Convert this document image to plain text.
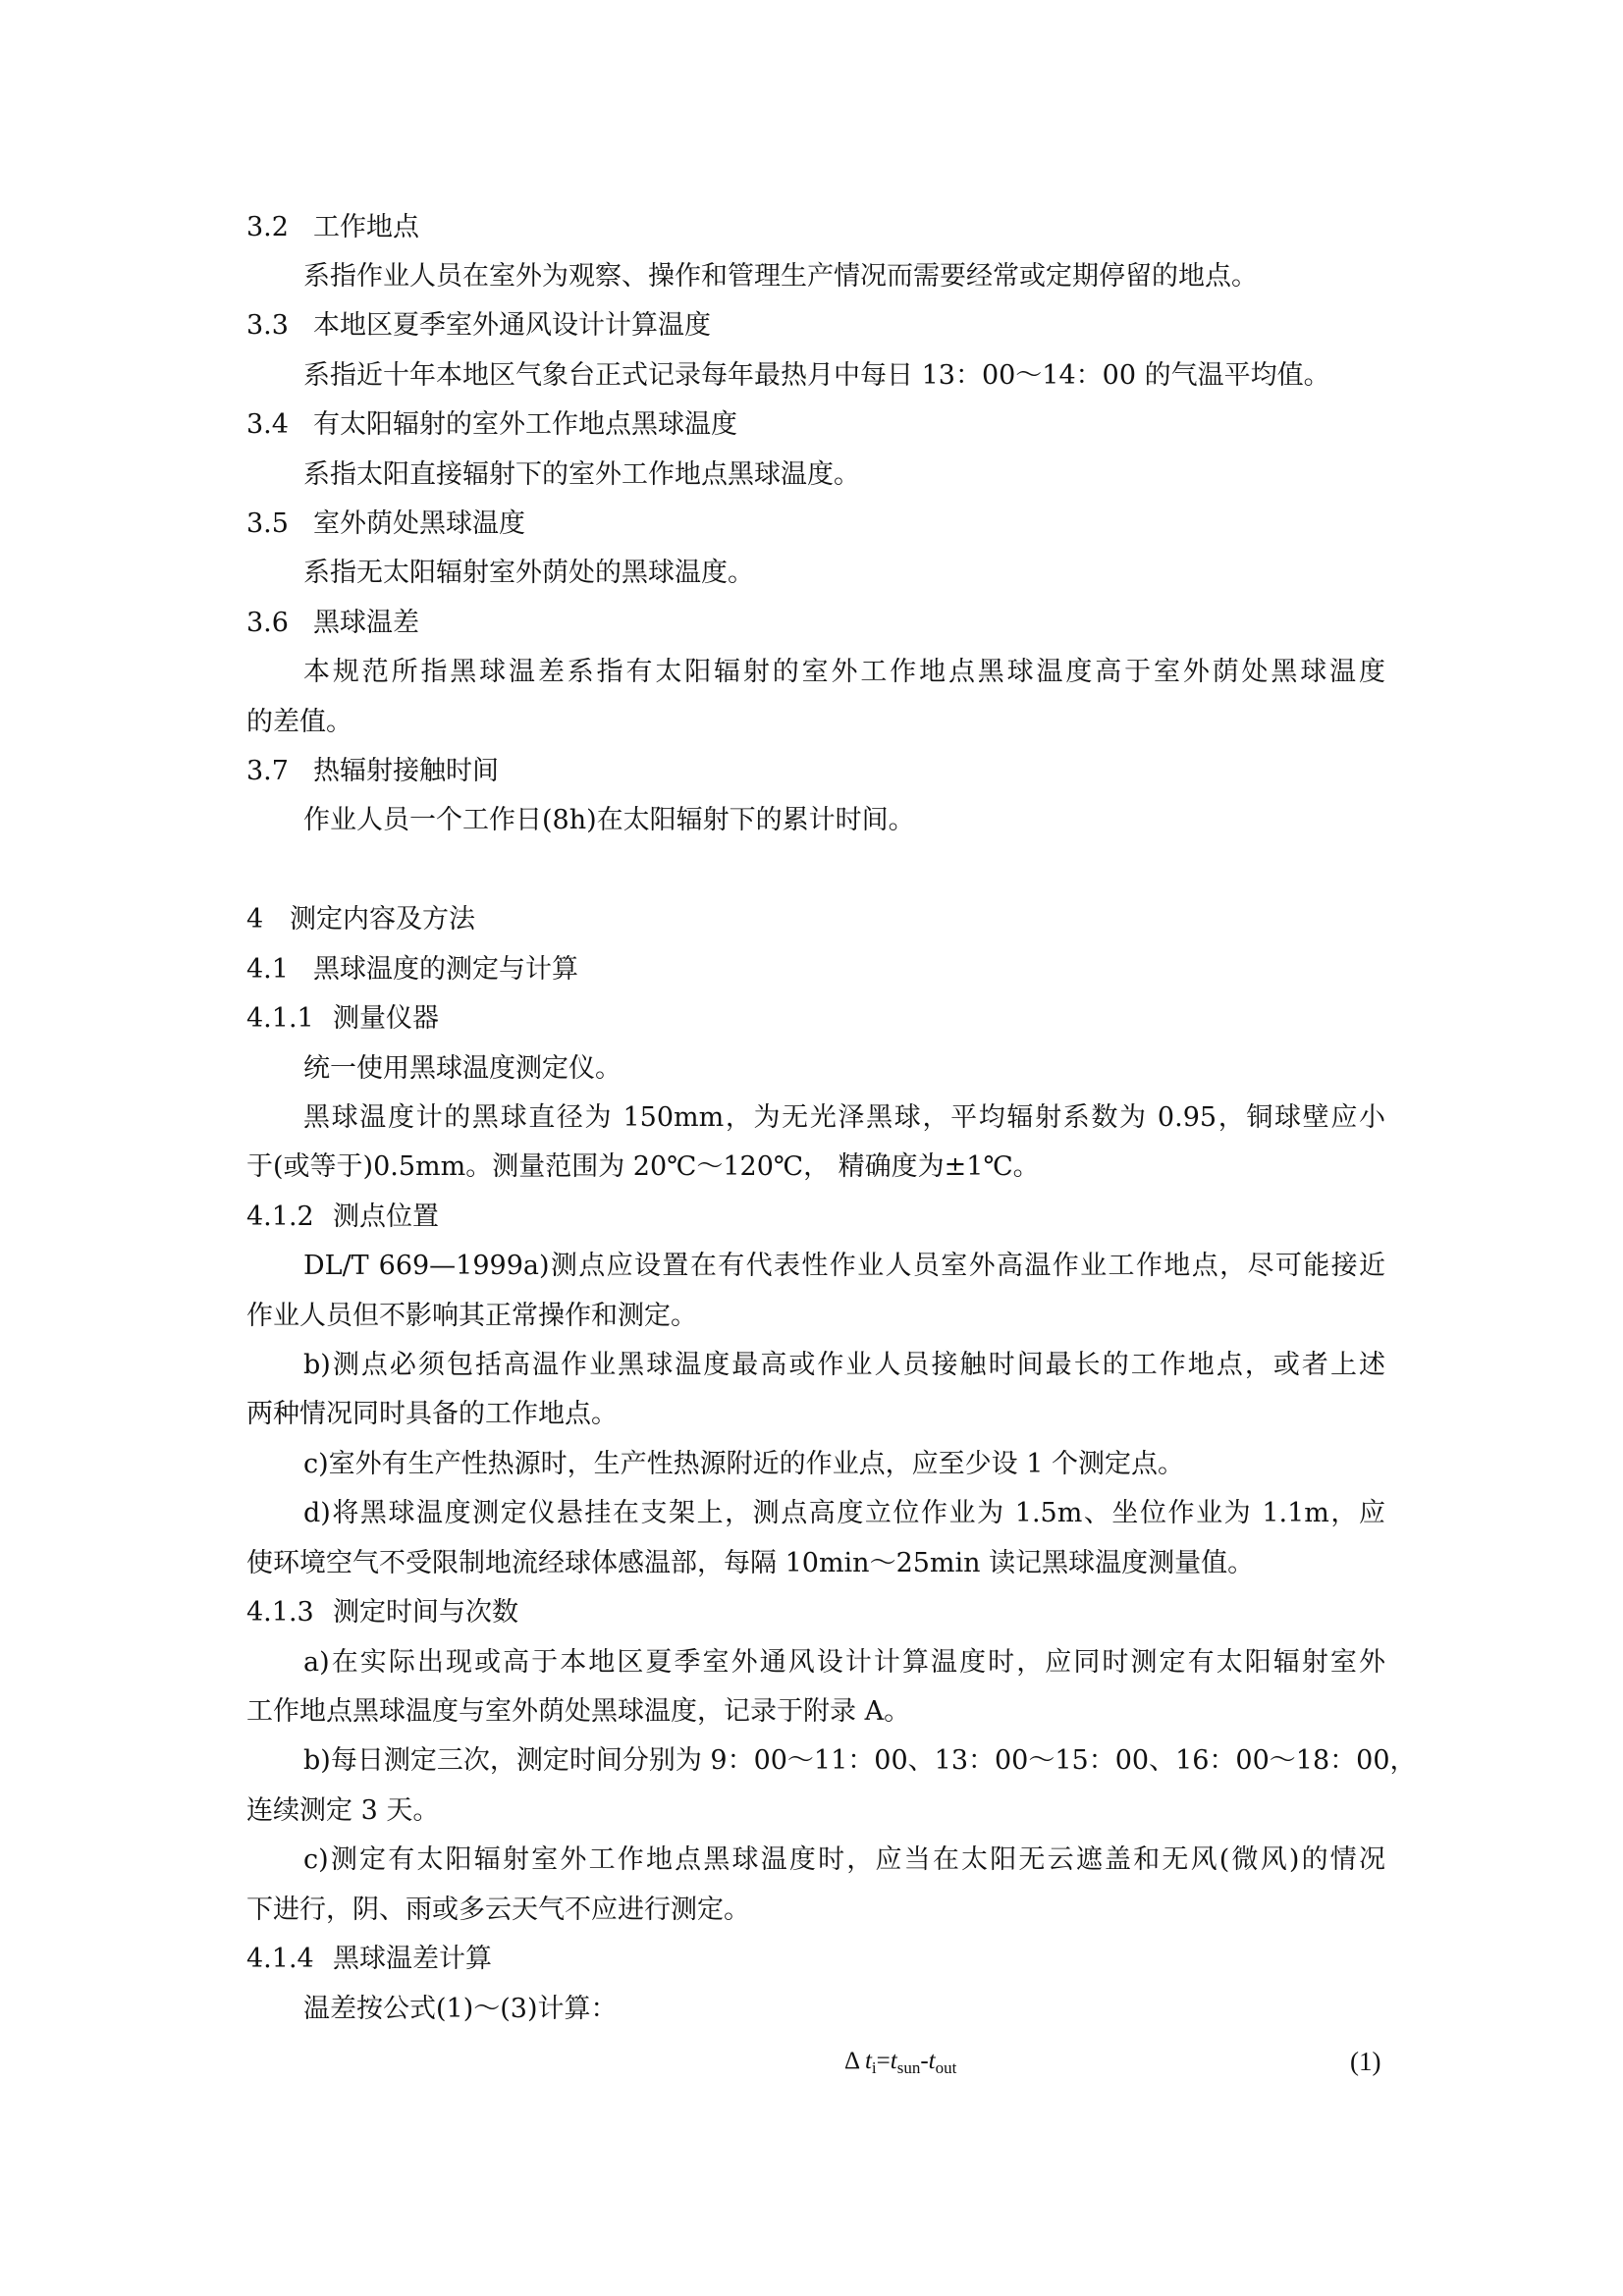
3.2 工作地点
系指作业人员在室外为观察、操作和管理生产情况而需要经常或定期停留的地点。
3.3 本地区夏季室外通风设计计算温度
系指近十年本地区气象台正式记录每年最热月中每日 13：00～14：00 的气温平均值。
3.4 有太阳辐射的室外工作地点黑球温度
系指太阳直接辐射下的室外工作地点黑球温度。
3.5 室外荫处黑球温度
系指无太阳辐射室外荫处的黑球温度。
3.6 黑球温差
本规范所指黑球温差系指有太阳辐射的室外工作地点黑球温度高于室外荫处黑球温度
的差值。
3.7 热辐射接触时间
作业人员一个工作日(8h)在太阳辐射下的累计时间。
4 测定内容及方法
4.1 黑球温度的测定与计算
4.1.1 测量仪器
统一使用黑球温度测定仪。
黑球温度计的黑球直径为 150mm，为无光泽黑球，平均辐射系数为 0.95，铜球壁应小
于(或等于)0.5mm。测量范围为 20℃～120℃， 精确度为±1℃。
4.1.2 测点位置
DL/T 669—1999a)测点应设置在有代表性作业人员室外高温作业工作地点，尽可能接近
作业人员但不影响其正常操作和测定。
b)测点必须包括高温作业黑球温度最高或作业人员接触时间最长的工作地点，或者上述
两种情况同时具备的工作地点。
c)室外有生产性热源时，生产性热源附近的作业点，应至少设 1 个测定点。
d)将黑球温度测定仪悬挂在支架上，测点高度立位作业为 1.5m、坐位作业为 1.1m，应
使环境空气不受限制地流经球体感温部，每隔 10min～25min 读记黑球温度测量值。
4.1.3 测定时间与次数
a)在实际出现或高于本地区夏季室外通风设计计算温度时，应同时测定有太阳辐射室外
工作地点黑球温度与室外荫处黑球温度，记录于附录 A。
b)每日测定三次，测定时间分别为 9：00～11：00、13：00～15：00、16：00～18：00，
连续测定 3 天。
c)测定有太阳辐射室外工作地点黑球温度时，应当在太阳无云遮盖和无风(微风)的情况
下进行，阴、雨或多云天气不应进行测定。
4.1.4 黑球温差计算
温差按公式(1)～(3)计算：
Δ $t_i=t_{sun}-t_{out}$	(1)
